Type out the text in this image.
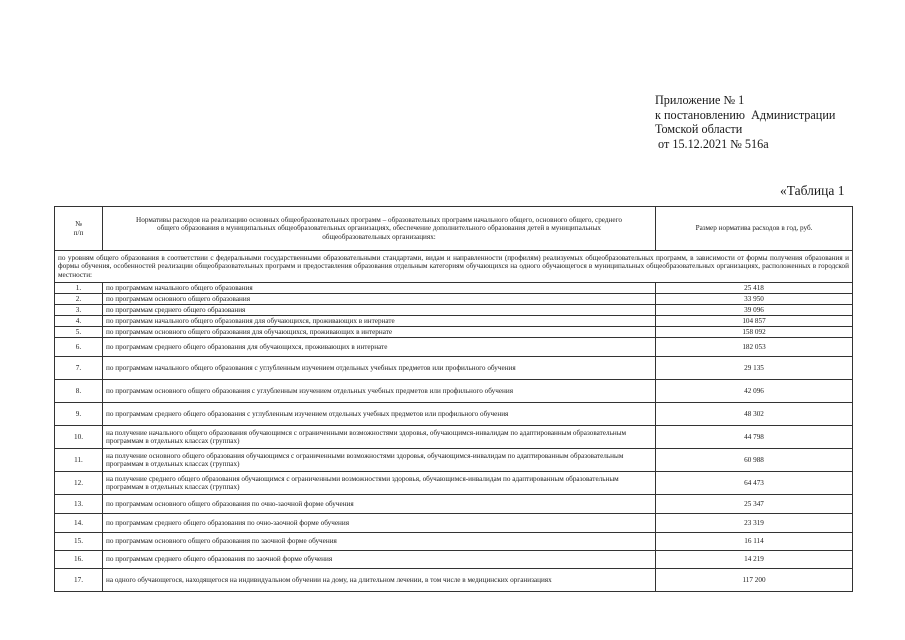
Приложение № 1
к постановлению  Администрации
Томской области
от 15.12.2021 № 516а
«Таблица 1
№
п/п	Нормативы расходов на реализацию основных общеобразовательных программ – образовательных программ начального общего, основного общего, среднего общего образования в муниципальных общеобразовательных организациях, обеспечение дополнительного образования детей в муниципальных общеобразовательных организациях:	Размер норматива расходов в год, руб.
по уровням общего образования в соответствии с федеральными государственными образовательными стандартами, видам и направленности (профилям) реализуемых общеобразовательных программ, в зависимости от формы получения образования и формы обучения, особенностей реализации общеобразовательных программ и предоставления образования отдельным категориям обучающихся на одного обучающегося в муниципальных общеобразовательных организациях, расположенных в городской местности:		
1.	по программам начального общего образования	25 418
2.	по программам основного общего образования	33 950
3.	по программам среднего общего образования	39 096
4.	по программам начального общего образования для обучающихся, проживающих в интернате	104 857
5.	по программам основного общего образования для обучающихся, проживающих в интернате	158 092
6.	по программам среднего общего образования для обучающихся, проживающих в интернате	182 053
7.	по программам начального общего образования с углубленным изучением отдельных учебных предметов или профильного обучения	29 135
8.	по программам основного общего образования с углубленным изучением отдельных учебных предметов или профильного обучения	42 096
9.	по программам среднего общего образования с углубленным изучением отдельных учебных предметов или профильного обучения	48 302
10.	на получение начального общего образования обучающимся с ограниченными возможностями здоровья, обучающимся-инвалидам по адаптированным образовательным программам в отдельных классах (группах)	44 798
11.	на получение основного общего образования обучающимся с ограниченными возможностями здоровья, обучающимся-инвалидам по адаптированным образовательным программам в отдельных классах (группах)	60 988
12.	на получение среднего общего образования обучающимся с ограниченными возможностями здоровья, обучающимся-инвалидам по адаптированным образовательным программам в отдельных классах (группах)	64 473
13.	по программам основного общего образования по очно-заочной форме обучения	25 347
14.	по программам среднего общего образования по очно-заочной форме обучения	23 319
15.	по программам основного общего образования по заочной форме обучения	16 114
16.	по программам среднего общего образования по заочной форме обучения	14 219
17.	на одного обучающегося, находящегося на индивидуальном обучении на дому, на длительном лечении, в том числе в медицинских организациях	117 200
